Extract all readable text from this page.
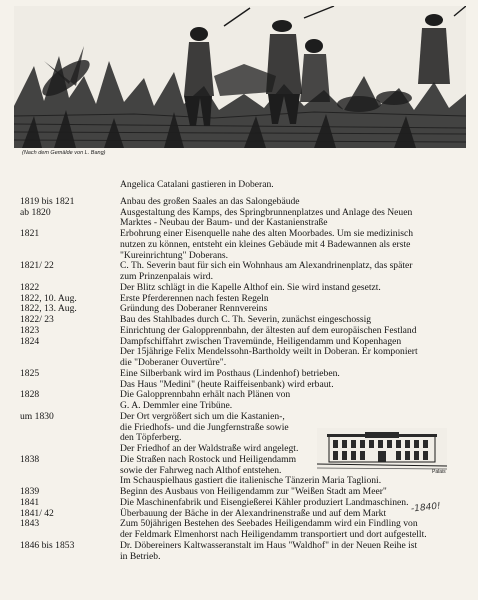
(Nach dem Gemälde von L. Bang)
Angelica Catalani gastieren in Doberan.
1819 bis 1821	Anbau des großen Saales an das Salongebäude
ab 1820	Ausgestaltung des Kamps, des Springbrunnenplatzes und Anlage des Neuen
Marktes - Neubau der Baum- und der Kastanienstraße
1821	Erbohrung einer Eisenquelle nahe des alten Moorbades. Um sie medizinisch
nutzen zu können, entsteht ein kleines Gebäude mit 4 Badewannen als erste
"Kureinrichtung" Doberans.
1821/ 22	C. Th. Severin baut für sich ein Wohnhaus am Alexandrinenplatz, das später
zum Prinzenpalais wird.
1822	Der Blitz schlägt in die Kapelle Althof ein. Sie wird instand gesetzt.
1822, 10. Aug.	Erste Pferderennen nach festen Regeln
1822, 13. Aug.	Gründung des Doberaner Rennvereins
1822/ 23	Bau des Stahlbades durch C. Th. Severin, zunächst eingeschossig
1823	Einrichtung der Galopprennbahn, der ältesten auf dem europäischen Festland
1824	Dampfschiffahrt zwischen Travemünde, Heiligendamm und Kopenhagen
Der 15jährige Felix Mendelssohn-Bartholdy weilt in Doberan. Er komponiert
die "Doberaner Ouvertüre".
1825	Eine Silberbank wird im Posthaus (Lindenhof) betrieben.
Das Haus "Medini" (heute Raiffeisenbank) wird erbaut.
1828	Die Galopprennbahn erhält nach Plänen von
G. A. Demmler eine Tribüne.
um 1830	Der Ort vergrößert sich um die Kastanien-,
die Friedhofs- und die Jungfernstraße sowie
den Töpferberg.
Der Friedhof an der Waldstraße wird angelegt.
1838	Die Straßen nach Rostock und Heiligendamm
sowie der Fahrweg nach Althof entstehen.
Im Schauspielhaus gastiert die italienische Tänzerin Maria Taglioni.
1839	Beginn des Ausbaus von Heiligendamm zur "Weißen Stadt am Meer"
1841	Die Maschinenfabrik und Eisengießerei Kähler produziert Landmaschinen.
1841/ 42	Überbauung der Bäche in der Alexandrinenstraße und auf dem Markt
1843	Zum 50jährigen Bestehen des Seebades Heiligendamm wird ein Findling von
der Feldmark Elmenhorst nach Heiligendamm transportiert und dort aufgestellt.
1846 bis 1853	Dr. Döbereiners Kaltwasseranstalt im Haus "Waldhof" in der Neuen Reihe ist
in Betrieb.
Palais
-1840!
